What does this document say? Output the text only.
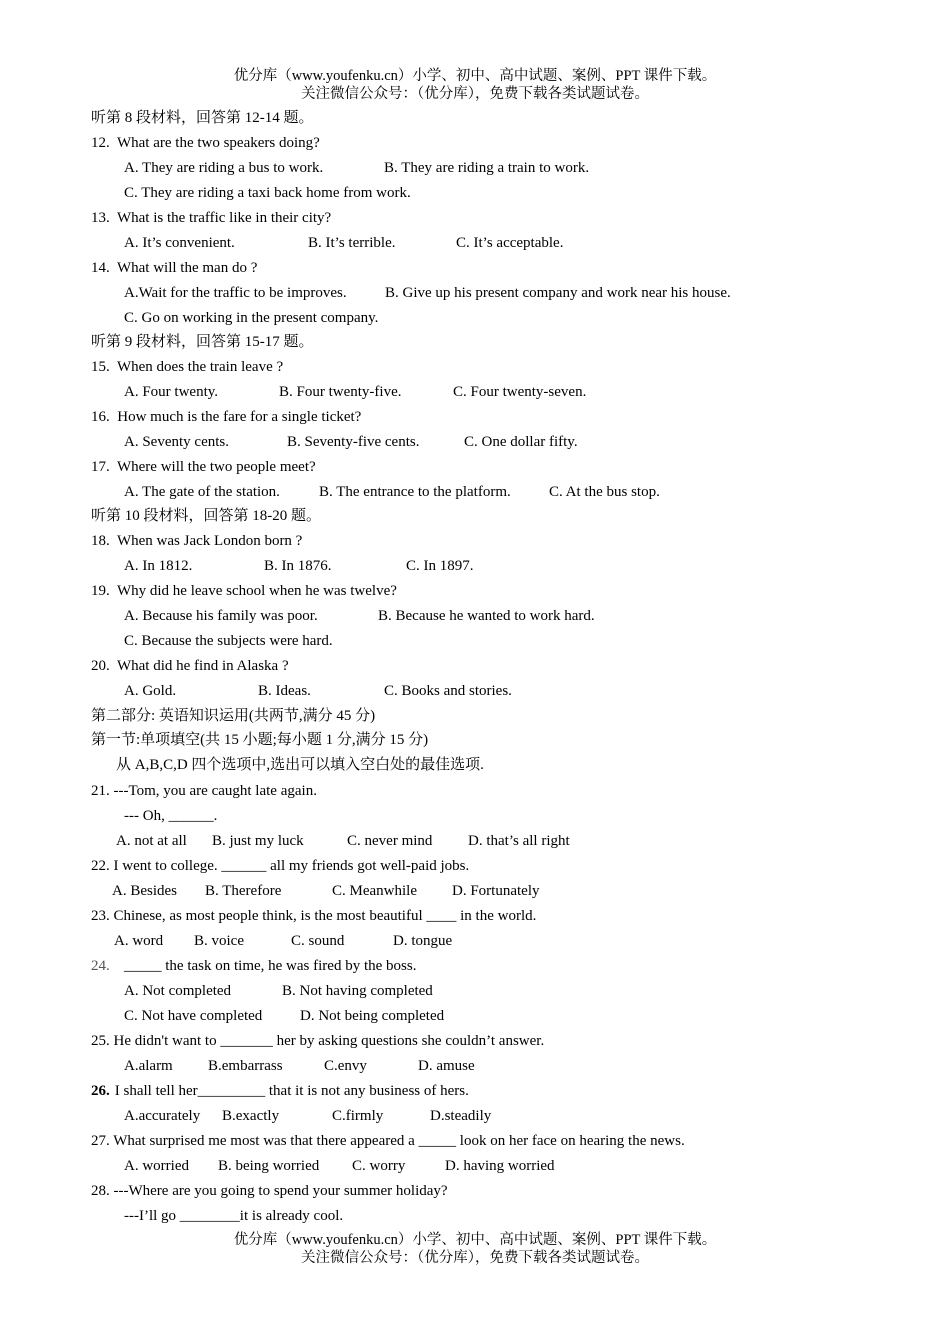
优分库（www.youfenku.cn）小学、初中、高中试题、案例、PPT 课件下载。
关注微信公众号：（优分库），免费下载各类试题试卷。
听第 8 段材料，回答第 12-14 题。
12.  What are the two speakers doing?
A. They are riding a bus to work.	B. They are riding a train to work.
C. They are riding a taxi back home from work.
13.  What is the traffic like in their city?
A. It’s convenient.	B. It’s terrible.	C. It’s acceptable.
14.  What will the man do ?
A.Wait for the traffic to be improves.	B. Give up his present company and work near his house.
C. Go on working in the present company.
听第 9 段材料，回答第 15-17 题。
15.  When does the train leave ?
A. Four twenty.	B. Four twenty-five.	C. Four twenty-seven.
16.  How much is the fare for a single ticket?
A. Seventy cents.	B. Seventy-five cents.	C. One dollar fifty.
17.  Where will the two people meet?
A. The gate of the station.	B. The entrance to the platform.	C. At the bus stop.
听第 10 段材料，回答第 18-20 题。
18.  When was Jack London born ?
A. In 1812.	B. In 1876.	C. In 1897.
19.  Why did he leave school when he was twelve?
A. Because his family was poor.	B. Because he wanted to work hard.
C. Because the subjects were hard.
20.  What did he find in Alaska ?
A. Gold.	B. Ideas.	C. Books and stories.
第二部分: 英语知识运用(共两节,满分 45 分)
第一节:单项填空(共 15 小题;每小题 1 分,满分 15 分)
从 A,B,C,D 四个选项中,选出可以填入空白处的最佳选项.
21. ---Tom, you are caught late again.
--- Oh, ______.
A. not at all B. just my luck	C. never mind D. that’s all right
22. I went to college. ______ all my friends got well-paid jobs.
A. Besides B. Therefore	C. Meanwhile D. Fortunately
23. Chinese, as most people think, is the most beautiful ____ in the world.
A. word B. voice	C. sound	D. tongue
24. _____ the task on time, he was fired by the boss.
A. Not completed	B. Not having completed
C. Not have completed	D. Not being completed
25. He didn't want to _______ her by asking questions she couldn’t answer.
A.alarm B.embarrass	C.envy	D. amuse
26. I shall tell her_________ that it is not any business of hers.
A.accurately B.exactly	C.firmly	D.steadily
27. What surprised me most was that there appeared a _____ look on her face on hearing the news.
A. worried B. being worried C. worry	D. having worried
28. ---Where are you going to spend your summer holiday?
---I’ll go ________it is already cool.
优分库（www.youfenku.cn）小学、初中、高中试题、案例、PPT 课件下载。
关注微信公众号：（优分库），免费下载各类试题试卷。
